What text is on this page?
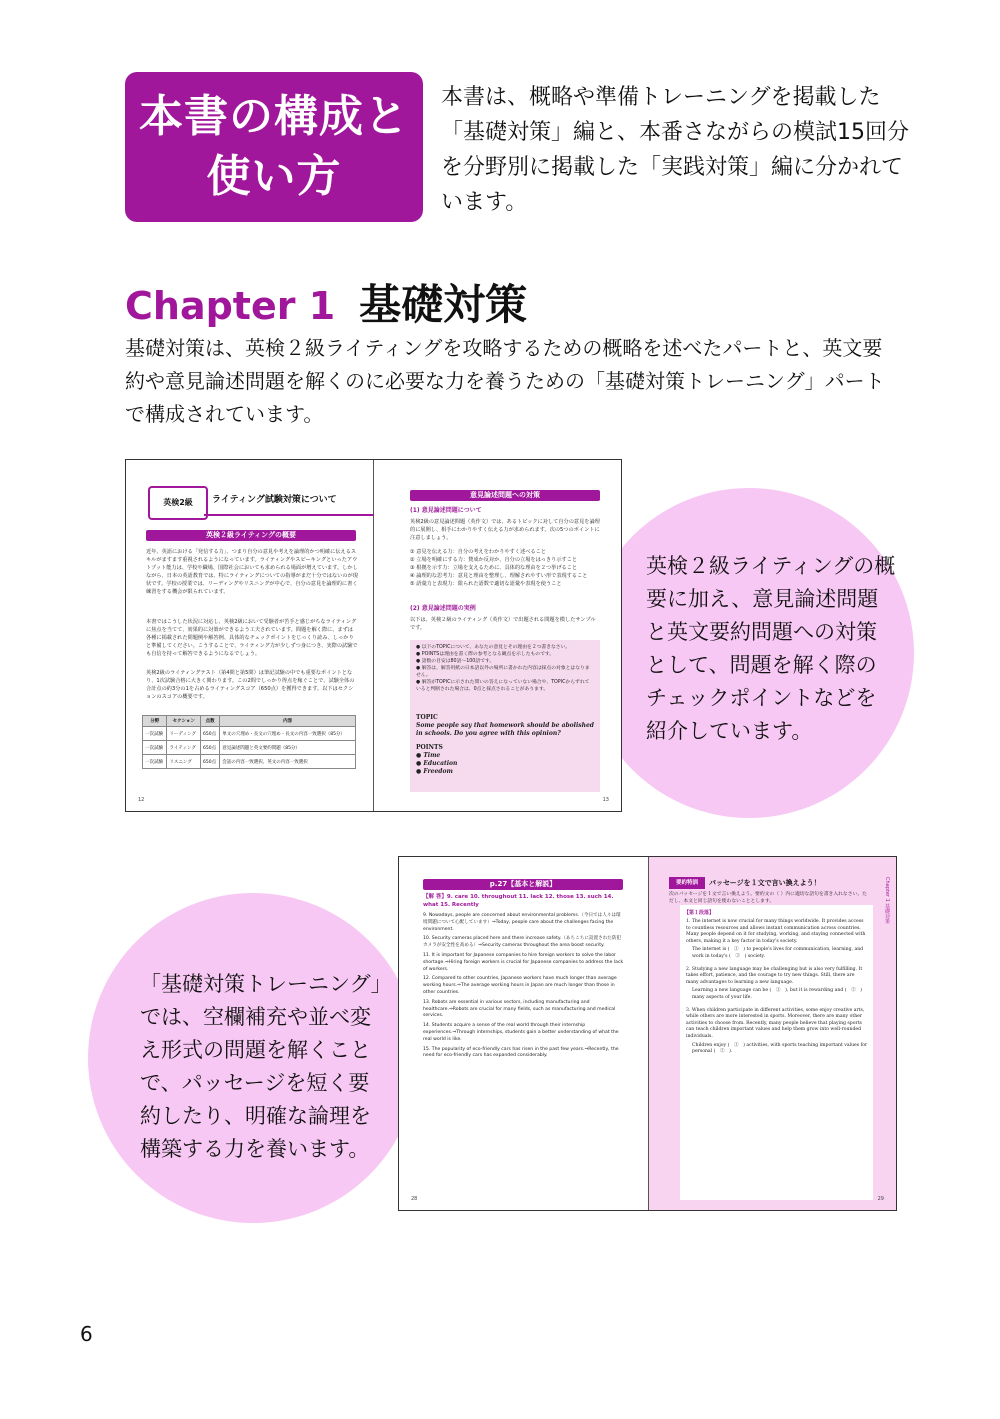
本書の構成と
使い方
本書は、概略や準備トレーニングを掲載した「基礎対策」編と、本番さながらの模試15回分を分野別に掲載した「実践対策」編に分かれています。
Chapter 1 基礎対策
基礎対策は、英検２級ライティングを攻略するための概略を述べたパートと、英文要約や意見論述問題を解くのに必要な力を養うための「基礎対策トレーニング」パートで構成されています。
英検2級	ライティング試験対策について
英検２級ライティングの概要
近年、英語における「発信する力」、つまり自分の意見や考えを論理的かつ明確に伝えるスキルがますます重視されるようになっています。ライティングやスピーキングといったアウトプット能力は、学校や職場、国際社会においても求められる場面が増えています。しかしながら、日本の英語教育では、特にライティングについての指導がまだ十分ではないのが現状です。学校の授業では、リーディングやリスニングが中心で、自分の意見を論理的に書く練習をする機会が限られています。
本書ではこうした状況に対応し、英検2級において受験者が苦手と感じがちなライティングに焦点を当てて、効果的に対策ができるよう工夫されています。問題を解く際に、まずは各種に掲載された問題例や解答例、具体的なチェックポイントをじっくり読み、しっかりと準備してください。こうすることで、ライティング力が少しずつ身につき、実際の試験でも自信を持って解答できるようになるでしょう。
英検2級のライティングテスト（第4問と第5問）は筆記試験の中でも重要なポイントとなり、1次試験合格に大きく関わります。この2問でしっかり得点を稼ぐことで、試験全体の合計点の約3分の1を占めるライティングスコア（650点）を獲得できます。以下はセクションのスコアの概要です。
分野	セクション	点数	内容
一次試験	リーディング	650点	単文の穴埋め・長文の穴埋め・長文の内容一致選択（85分）
一次試験	ライティング	650点	意見論述問題と英文要約問題（85分）
一次試験	リスニング	650点	会話の内容一致選択、英文の内容一致選択
12
意見論述問題への対策
(1) 意見論述問題について
英検2級の意見論述問題（英作文）では、あるトピックに対して自分の意見を論理的に展開し、相手にわかりやすく伝える力が求められます。次の5つのポイントに注意しましょう。
① 意見を伝える力：自分の考えをわかりやすく述べること
② 立場を明確にする力：賛成か反対か、自分の立場をはっきり示すこと
③ 根拠を示す力：立場を支えるために、具体的な理由を２つ挙げること
④ 論理的な思考力：意見と理由を整理し、理解されやすい形で表現すること
⑤ 語彙力と表現力：限られた語数で適切な語彙や表現を使うこと
(2) 意見論述問題の実例
以下は、英検２級のライティング（英作文）で出題される問題を模したサンプルです。
● 以下のTOPICについて、あなたの意見とその理由を２つ書きなさい。
● POINTSは理由を書く際の参考となる観点を示したものです。
● 語数の目安は80語～100語です。
● 解答は、解答用紙の日本語以外の場所に書かれた内容は採点の対象とはなりません。
● 解答がTOPICに示された問いの答えになっていない場合や、TOPICからずれていると判断された場合は、0点と採点されることがあります。
TOPIC
Some people say that homework should be abolished in schools. Do you agree with this opinion?
POINTS
● Time
● Education
● Freedom
13
英検２級ライティングの概要に加え、意見論述問題と英文要約問題への対策として、問題を解く際のチェックポイントなどを紹介しています。
「基礎対策トレーニング」では、空欄補充や並べ変え形式の問題を解くことで、パッセージを短く要約したり、明確な論理を構築する力を養います。
p.27【基本と解説】
【解 答】9. care 10. throughout 11. lack 12. those 13. such 14. what 15. Recently
9. Nowadays, people are concerned about environmental problems.（今日では人々は環境問題について心配しています）⇒Today, people care about the challenges facing the environment.
10. Security cameras placed here and there increase safety.（あちこちに設置された防犯カメラが安全性を高める）⇒Security cameras throughout the area boost security.
11. It is important for Japanese companies to hire foreign workers to solve the labor shortage.⇒Hiring foreign workers is crucial for Japanese companies to address the lack of workers.
12. Compared to other countries, Japanese workers have much longer than average working hours.⇒The average working hours in Japan are much longer than those in other countries.
13. Robots are essential in various sectors, including manufacturing and healthcare.⇒Robots are crucial for many fields, such as manufacturing and medical services.
14. Students acquire a sense of the real world through their internship experiences.⇒Through internships, students gain a better understanding of what the real world is like.
15. The popularity of eco-friendly cars has risen in the past few years.⇒Recently, the need for eco-friendly cars has expanded considerably.
28
要約特訓	パッセージを１文で言い換えよう！
次のパッセージを１文で言い換えよう。要約文の（ ）内に適切な語句を書き入れなさい。ただし、本文と同じ語句を使わないこととします。
【第１段落】
1. The internet is now crucial for many things worldwide. It provides access to countless resources and allows instant communication across countries. Many people depend on it for studying, working, and staying connected with others, making it a key factor in today's society.
The internet is (　①　) to people's lives for communication, learning, and work in today's (　②　) society.
2. Studying a new language may be challenging but is also very fulfilling. It takes effort, patience, and the courage to try new things. Still, there are many advantages to learning a new language.
Learning a new language can be (　①　), but it is rewarding and (　②　) many aspects of your life.
3. When children participate in different activities, some enjoy creative arts, while others are more interested in sports. Moreover, there are many other activities to choose from. Recently, many people believe that playing sports can teach children important values and help them grow into well-rounded individuals.
Children enjoy (　①　) activities, with sports teaching important values for personal (　②　).
Chapter 1 基礎対策
29
6
